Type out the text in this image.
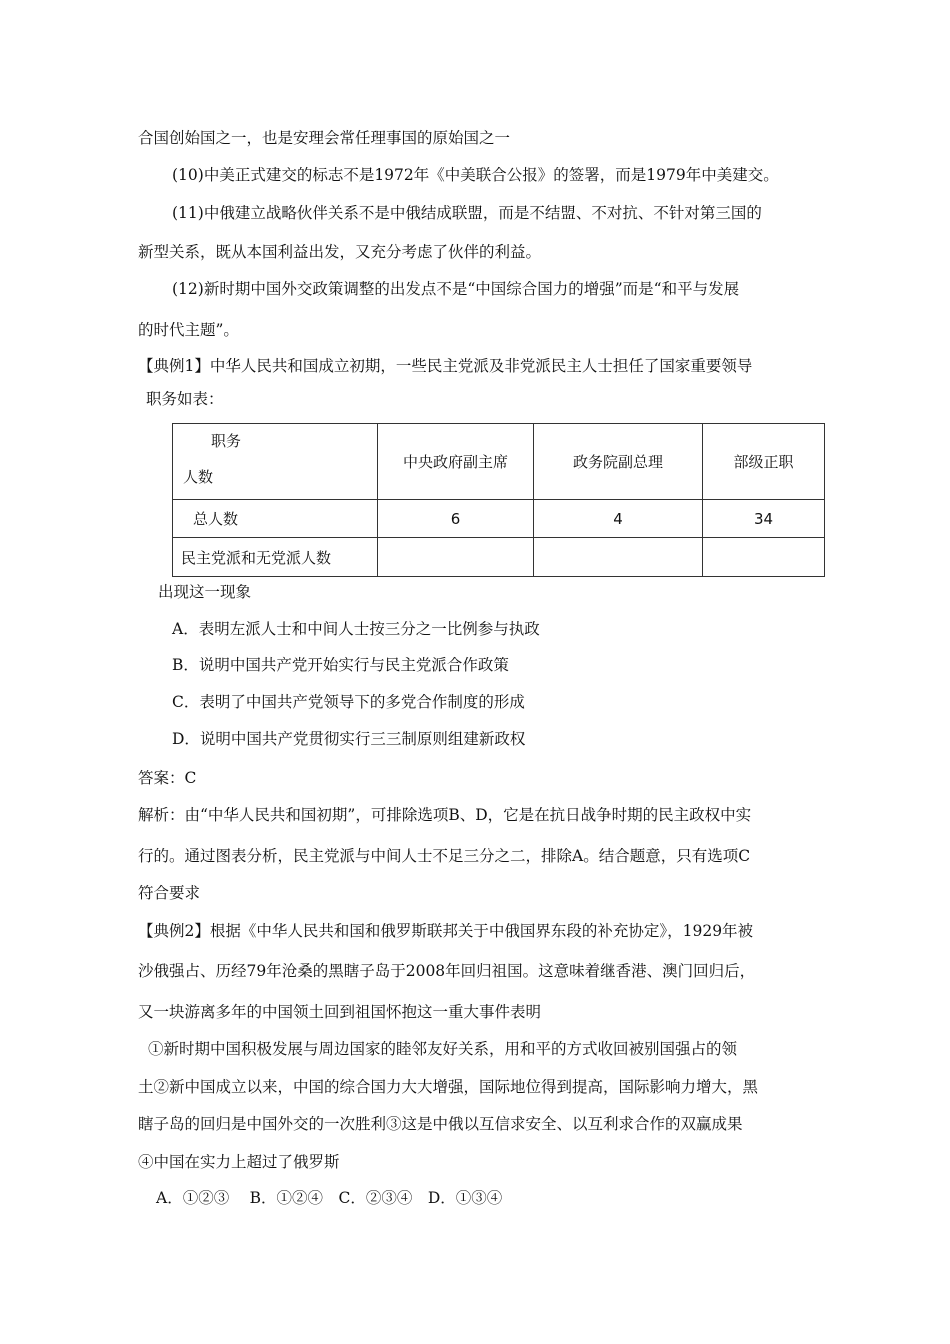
合国创始国之一，也是安理会常任理事国的原始国之一
(10)中美正式建交的标志不是1972年《中美联合公报》的签署，而是1979年中美建交。
(11)中俄建立战略伙伴关系不是中俄结成联盟，而是不结盟、不对抗、不针对第三国的
新型关系，既从本国利益出发，又充分考虑了伙伴的利益。
(12)新时期中国外交政策调整的出发点不是“中国综合国力的增强”而是“和平与发展
的时代主题”。
【典例1】中华人民共和国成立初期，一些民主党派及非党派民主人士担任了国家重要领导
职务如表：
职务
人数	中央政府副主席	政务院副总理	部级正职
总人数	6	4	34
民主党派和无党派人数			
出现这一现象
A．表明左派人士和中间人士按三分之一比例参与执政
B．说明中国共产党开始实行与民主党派合作政策
C．表明了中国共产党领导下的多党合作制度的形成
D．说明中国共产党贯彻实行三三制原则组建新政权
答案：C
解析：由“中华人民共和国初期”，可排除选项B、D，它是在抗日战争时期的民主政权中实
行的。通过图表分析，民主党派与中间人士不足三分之二，排除A。结合题意，只有选项C
符合要求
【典例2】根据《中华人民共和国和俄罗斯联邦关于中俄国界东段的补充协定》，1929年被
沙俄强占、历经79年沧桑的黑瞎子岛于2008年回归祖国。这意味着继香港、澳门回归后，
又一块游离多年的中国领土回到祖国怀抱这一重大事件表明
①新时期中国积极发展与周边国家的睦邻友好关系，用和平的方式收回被别国强占的领
土②新中国成立以来，中国的综合国力大大增强，国际地位得到提高，国际影响力增大，黑
瞎子岛的回归是中国外交的一次胜利③这是中俄以互信求安全、以互利求合作的双赢成果
④中国在实力上超过了俄罗斯
A．①②③　 B．①②④　C．②③④　D．①③④
